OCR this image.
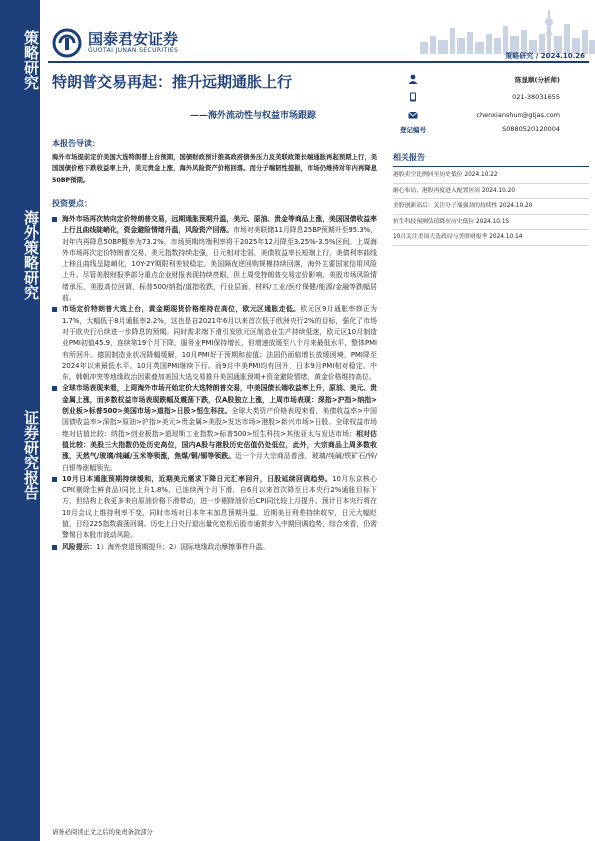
策略研究
海外策略研究
证券研究报告
国泰君安证券
GUOTAI JUNAN SECURITIES
策略研究 / 2024.10.26
特朗普交易再起：推升远期通胀上行
——海外流动性与权益市场跟踪
陈显顺(分析师)
021-38031655
chenxianshun@gtjas.com
登记编号	S0880520120004
本报告导读：
海外市场提前定价美国大选特朗普上台预期，国债财政预计推高政府债务压力及美联政策长端通胀再起预期上行，美国国债价格下跌收益率上升，美元贵金上涨，海外风险资产价格回落。而分子端韧性提振，市场仍维持对年内再降息50BP预期。
投资要点：
海外市场再次转向定价特朗普交易，远期通胀预期升温，美元、原油、贵金等商品上涨，美国国债收益率上行且曲线陡峭化，资金避险情绪升温，风险资产回落。市场对美联储11月降息25BP预期升至95.3%，对年内再降息50BP概率为73.2%，市场预期终端利率将于2025年12月降至3.25%-3.5%区间。上周海外市场再次定价特朗普交易，美元指数持续走强，日元相对走弱，美债收益率长短端上行，美债利率曲线上移且曲线呈陡峭化，10Y-2Y期限利差较稳定。美国隔夜逆回购规模持续回落，海外主要国家信用风险上升。尽管美股财报季部分重点企业财报表现持续亮眼，但上周受特朗普交易定价影响，美股市场风险情绪承压，美股高位回调，标普500/纳指/道指收跌，行业层面，材料/工业/医疗保健/能源/金融等跌幅居前。
市场定价特朗普大选上台，黄金期现货价格维持在高位，欧元区通胀走低。欧元区9月通胀率修正为1.7%，大幅低于8月通胀率2.2%，这也是自2021年6月以来首次低于欧洲央行2%的目标，强化了市场对于欧央行后续进一步降息的预期。同时需求端下滑引发欧元区制造业生产持续低迷，欧元区10月制造业PMI初值45.9，连续第19个月下降，服务业PMI保持增长，但增速放缓至八个月来最低水平，整体PMI有所回升。德国制造业状况降幅缓解，10月PMI好于预期和前值；法国仍面临增长放缓困境，PMI降至2024年以来最低水平。10月英国PMI继续下行。而9月中美PMI均有回升，日本9月PMI相对稳定。中东、韩朝冲突等地缘政治因素叠加美国大选交易推升美国通胀预期+资金避险情绪，黄金价格维持高位。
全球市场表现来看，上周海外市场开始定价大选特朗普交易，中美国债长端收益率上升，原油、美元、贵金属上涨，而多数权益市场表现跌幅及震荡下跌，仅A股独立上涨，上周市场表现：深指>沪指>纳指>创业板>标普500>美国市场>道指>日股>恒生科技。全球大类资产价格表现来看，美债收益率>中国国债收益率>深指>原油>沪指>美元>贵金属>美股>发达市场>港股>新兴市场>日股。全球权益市场绝对估值比较：纳指>创业板指>道琼斯工业指数>标普500>恒生科技>其他亚太与发达市场；相对估值比较：美股三大指数仍处历史高位，国内A股与港股历史估值仍处低位，此外，大宗商品上周多数收涨，天然气/玻璃/纯碱/玉米等领涨，焦煤/铜/锡等领跌。近一个月大宗商品普涨，玻璃/纯碱/铁矿石/锌/白银等涨幅领先。
10月日本通胀预期持续缓和，近期美元需求下降日元汇率回升，日股延续回调趋势。10月东京核心CPI(剔除生鲜食品)同比上升1.8%，已连续两个月下滑，自6月以来首次降至日本央行2%通胀目标下方，但结构上我更多来自原油价格下滑带动，进一步剔除油价后CPI同比较上月提升。预计日本央行将在10月会议上维持利率不变，同时市场对日本年末加息预期升温。近期美日利差持续收窄，日元大幅贬值，日经225指数震荡回调。历史上日央行退出量化宽松后股市通常步入中期回调趋势，综合来看，仍需警惕日本股市波动风险。
风险提示：1）海外衰退预期提升；2）国际地缘政治摩擦事件升温。
相关报告
港股卖空比例回至历史低位 2024.10.22
耐心布局，港股再度进入配置区间 2024.10.20
美股创新高后：关注分子端强劲的持续性 2024.10.20
恒生科技预测估值降至历史低位 2024.10.15
10月关注美国大选政局与美股财报季 2024.10.14
请务必阅读正文之后的免责条款部分
